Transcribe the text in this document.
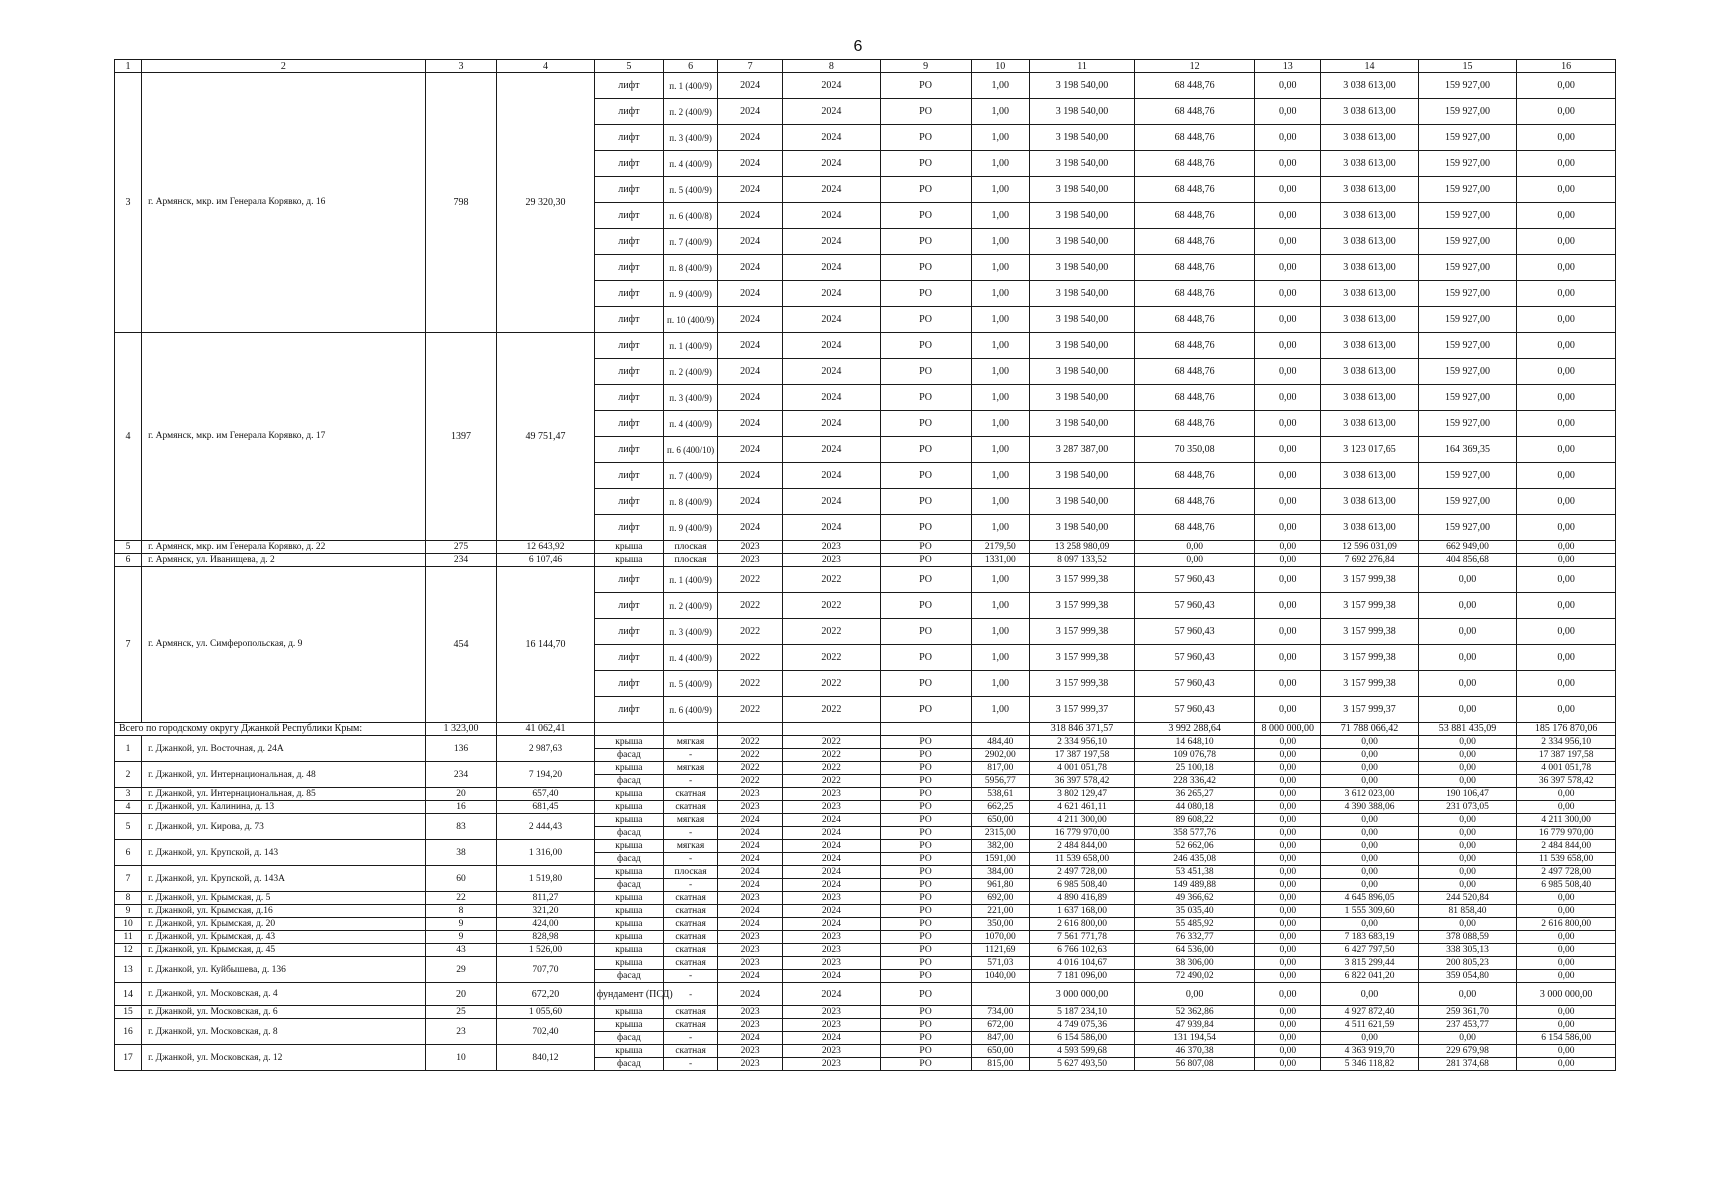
6
1	2	3	4	5	6	7	8	9	10	11	12	13	14	15	16
3	г. Армянск, мкр. им Генерала Корявко, д. 16	798	29 320,30	лифт	п. 1 (400/9)	2024	2024	РО	1,00	3 198 540,00	68 448,76	0,00	3 038 613,00	159 927,00	0,00
				лифт	п. 2 (400/9)	2024	2024	РО	1,00	3 198 540,00	68 448,76	0,00	3 038 613,00	159 927,00	0,00
				лифт	п. 3 (400/9)	2024	2024	РО	1,00	3 198 540,00	68 448,76	0,00	3 038 613,00	159 927,00	0,00
				лифт	п. 4 (400/9)	2024	2024	РО	1,00	3 198 540,00	68 448,76	0,00	3 038 613,00	159 927,00	0,00
				лифт	п. 5 (400/9)	2024	2024	РО	1,00	3 198 540,00	68 448,76	0,00	3 038 613,00	159 927,00	0,00
				лифт	п. 6 (400/8)	2024	2024	РО	1,00	3 198 540,00	68 448,76	0,00	3 038 613,00	159 927,00	0,00
				лифт	п. 7 (400/9)	2024	2024	РО	1,00	3 198 540,00	68 448,76	0,00	3 038 613,00	159 927,00	0,00
				лифт	п. 8 (400/9)	2024	2024	РО	1,00	3 198 540,00	68 448,76	0,00	3 038 613,00	159 927,00	0,00
				лифт	п. 9 (400/9)	2024	2024	РО	1,00	3 198 540,00	68 448,76	0,00	3 038 613,00	159 927,00	0,00
				лифт	п. 10 (400/9)	2024	2024	РО	1,00	3 198 540,00	68 448,76	0,00	3 038 613,00	159 927,00	0,00
4	г. Армянск, мкр. им Генерала Корявко, д. 17	1397	49 751,47	лифт	п. 1 (400/9)	2024	2024	РО	1,00	3 198 540,00	68 448,76	0,00	3 038 613,00	159 927,00	0,00
				лифт	п. 2 (400/9)	2024	2024	РО	1,00	3 198 540,00	68 448,76	0,00	3 038 613,00	159 927,00	0,00
				лифт	п. 3 (400/9)	2024	2024	РО	1,00	3 198 540,00	68 448,76	0,00	3 038 613,00	159 927,00	0,00
				лифт	п. 4 (400/9)	2024	2024	РО	1,00	3 198 540,00	68 448,76	0,00	3 038 613,00	159 927,00	0,00
				лифт	п. 6 (400/10)	2024	2024	РО	1,00	3 287 387,00	70 350,08	0,00	3 123 017,65	164 369,35	0,00
				лифт	п. 7 (400/9)	2024	2024	РО	1,00	3 198 540,00	68 448,76	0,00	3 038 613,00	159 927,00	0,00
				лифт	п. 8 (400/9)	2024	2024	РО	1,00	3 198 540,00	68 448,76	0,00	3 038 613,00	159 927,00	0,00
				лифт	п. 9 (400/9)	2024	2024	РО	1,00	3 198 540,00	68 448,76	0,00	3 038 613,00	159 927,00	0,00
5	г. Армянск, мкр. им Генерала Корявко, д. 22	275	12 643,92	крыша	плоская	2023	2023	РО	2179,50	13 258 980,09	0,00	0,00	12 596 031,09	662 949,00	0,00
6	г. Армянск, ул. Иванищева, д. 2	234	6 107,46	крыша	плоская	2023	2023	РО	1331,00	8 097 133,52	0,00	0,00	7 692 276,84	404 856,68	0,00
7	г. Армянск, ул. Симферопольская, д. 9	454	16 144,70	лифт	п. 1 (400/9)	2022	2022	РО	1,00	3 157 999,38	57 960,43	0,00	3 157 999,38	0,00	0,00
				лифт	п. 2 (400/9)	2022	2022	РО	1,00	3 157 999,38	57 960,43	0,00	3 157 999,38	0,00	0,00
				лифт	п. 3 (400/9)	2022	2022	РО	1,00	3 157 999,38	57 960,43	0,00	3 157 999,38	0,00	0,00
				лифт	п. 4 (400/9)	2022	2022	РО	1,00	3 157 999,38	57 960,43	0,00	3 157 999,38	0,00	0,00
				лифт	п. 5 (400/9)	2022	2022	РО	1,00	3 157 999,38	57 960,43	0,00	3 157 999,38	0,00	0,00
				лифт	п. 6 (400/9)	2022	2022	РО	1,00	3 157 999,37	57 960,43	0,00	3 157 999,37	0,00	0,00
Всего по городскому округу Джанкой Республики Крым:		1 323,00	41 062,41							318 846 371,57	3 992 288,64	8 000 000,00	71 788 066,42	53 881 435,09	185 176 870,06
1	г. Джанкой, ул. Восточная, д. 24А	136	2 987,63	крыша	мягкая	2022	2022	РО	484,40	2 334 956,10	14 648,10	0,00	0,00	0,00	2 334 956,10
				фасад	-	2022	2022	РО	2902,00	17 387 197,58	109 076,78	0,00	0,00	0,00	17 387 197,58
2	г. Джанкой, ул. Интернациональная, д. 48	234	7 194,20	крыша	мягкая	2022	2022	РО	817,00	4 001 051,78	25 100,18	0,00	0,00	0,00	4 001 051,78
				фасад	-	2022	2022	РО	5956,77	36 397 578,42	228 336,42	0,00	0,00	0,00	36 397 578,42
3	г. Джанкой, ул. Интернациональная, д. 85	20	657,40	крыша	скатная	2023	2023	РО	538,61	3 802 129,47	36 265,27	0,00	3 612 023,00	190 106,47	0,00
4	г. Джанкой, ул. Калинина, д. 13	16	681,45	крыша	скатная	2023	2023	РО	662,25	4 621 461,11	44 080,18	0,00	4 390 388,06	231 073,05	0,00
5	г. Джанкой, ул. Кирова, д. 73	83	2 444,43	крыша	мягкая	2024	2024	РО	650,00	4 211 300,00	89 608,22	0,00	0,00	0,00	4 211 300,00
				фасад	-	2024	2024	РО	2315,00	16 779 970,00	358 577,76	0,00	0,00	0,00	16 779 970,00
6	г. Джанкой, ул. Крупской, д. 143	38	1 316,00	крыша	мягкая	2024	2024	РО	382,00	2 484 844,00	52 662,06	0,00	0,00	0,00	2 484 844,00
				фасад	-	2024	2024	РО	1591,00	11 539 658,00	246 435,08	0,00	0,00	0,00	11 539 658,00
7	г. Джанкой, ул. Крупской, д. 143А	60	1 519,80	крыша	плоская	2024	2024	РО	384,00	2 497 728,00	53 451,38	0,00	0,00	0,00	2 497 728,00
				фасад	-	2024	2024	РО	961,80	6 985 508,40	149 489,88	0,00	0,00	0,00	6 985 508,40
8	г. Джанкой, ул. Крымская, д. 5	22	811,27	крыша	скатная	2023	2023	РО	692,00	4 890 416,89	49 366,62	0,00	4 645 896,05	244 520,84	0,00
9	г. Джанкой, ул. Крымская, д.16	8	321,20	крыша	скатная	2024	2024	РО	221,00	1 637 168,00	35 035,40	0,00	1 555 309,60	81 858,40	0,00
10	г. Джанкой, ул. Крымская, д. 20	9	424,00	крыша	скатная	2024	2024	РО	350,00	2 616 800,00	55 485,92	0,00	0,00	0,00	2 616 800,00
11	г. Джанкой, ул. Крымская, д. 43	9	828,98	крыша	скатная	2023	2023	РО	1070,00	7 561 771,78	76 332,77	0,00	7 183 683,19	378 088,59	0,00
12	г. Джанкой, ул. Крымская, д. 45	43	1 526,00	крыша	скатная	2023	2023	РО	1121,69	6 766 102,63	64 536,00	0,00	6 427 797,50	338 305,13	0,00
13	г. Джанкой, ул. Куйбышева, д. 136	29	707,70	крыша	скатная	2023	2023	РО	571,03	4 016 104,67	38 306,00	0,00	3 815 299,44	200 805,23	0,00
				фасад	-	2024	2024	РО	1040,00	7 181 096,00	72 490,02	0,00	6 822 041,20	359 054,80	0,00
14	г. Джанкой, ул. Московская, д. 4	20	672,20	фундамент (ПСД)	-	2024	2024	РО		3 000 000,00	0,00	0,00	0,00	0,00	3 000 000,00
15	г. Джанкой, ул. Московская, д. 6	25	1 055,60	крыша	скатная	2023	2023	РО	734,00	5 187 234,10	52 362,86	0,00	4 927 872,40	259 361,70	0,00
16	г. Джанкой, ул. Московская, д. 8	23	702,40	крыша	скатная	2023	2023	РО	672,00	4 749 075,36	47 939,84	0,00	4 511 621,59	237 453,77	0,00
				фасад	-	2024	2024	РО	847,00	6 154 586,00	131 194,54	0,00	0,00	0,00	6 154 586,00
17	г. Джанкой, ул. Московская, д. 12	10	840,12	крыша	скатная	2023	2023	РО	650,00	4 593 599,68	46 370,38	0,00	4 363 919,70	229 679,98	0,00
				фасад	-	2023	2023	РО	815,00	5 627 493,50	56 807,08	0,00	5 346 118,82	281 374,68	0,00
